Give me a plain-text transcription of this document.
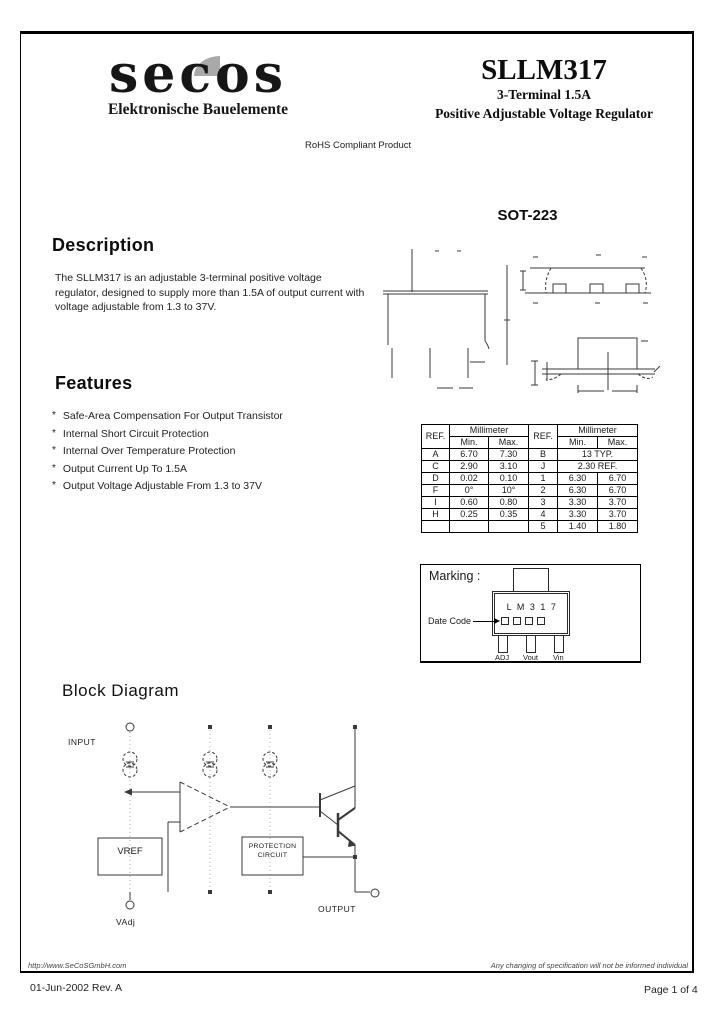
secos
Elektronische Bauelemente
SLLM317
3-Terminal 1.5A
Positive Adjustable Voltage Regulator
RoHS Compliant Product
Description
The SLLM317 is an adjustable 3-terminal positive voltage regulator, designed to supply more than 1.5A of output current with voltage adjustable from 1.3 to 37V.
Features
* Safe-Area Compensation For Output Transistor
* Internal Short Circuit Protection
* Internal Over Temperature Protection
* Output Current Up To 1.5A
* Output Voltage Adjustable From 1.3 to 37V
SOT-223
REF.	Millimeter		REF.	Millimeter	
	Min.	Max.		Min.	Max.
A	6.70	7.30	B	13 TYP.	
C	2.90	3.10	J	2.30 REF.	
D	0.02	0.10	1	6.30	6.70
F	0°	10°	2	6.30	6.70
I	0.60	0.80	3	3.30	3.70
H	0.25	0.35	4	3.30	3.70
			5	1.40	1.80
Marking :
L M 3 1 7
Date Code
ADJ Vout Vin
Block Diagram
INPUT
VAdj
OUTPUT
VREF	PROTECTION
CIRCUIT
http://www.SeCoSGmbH.com	Any changing of specification will not be informed individual
01-Jun-2002 Rev. A	Page 1 of 4
